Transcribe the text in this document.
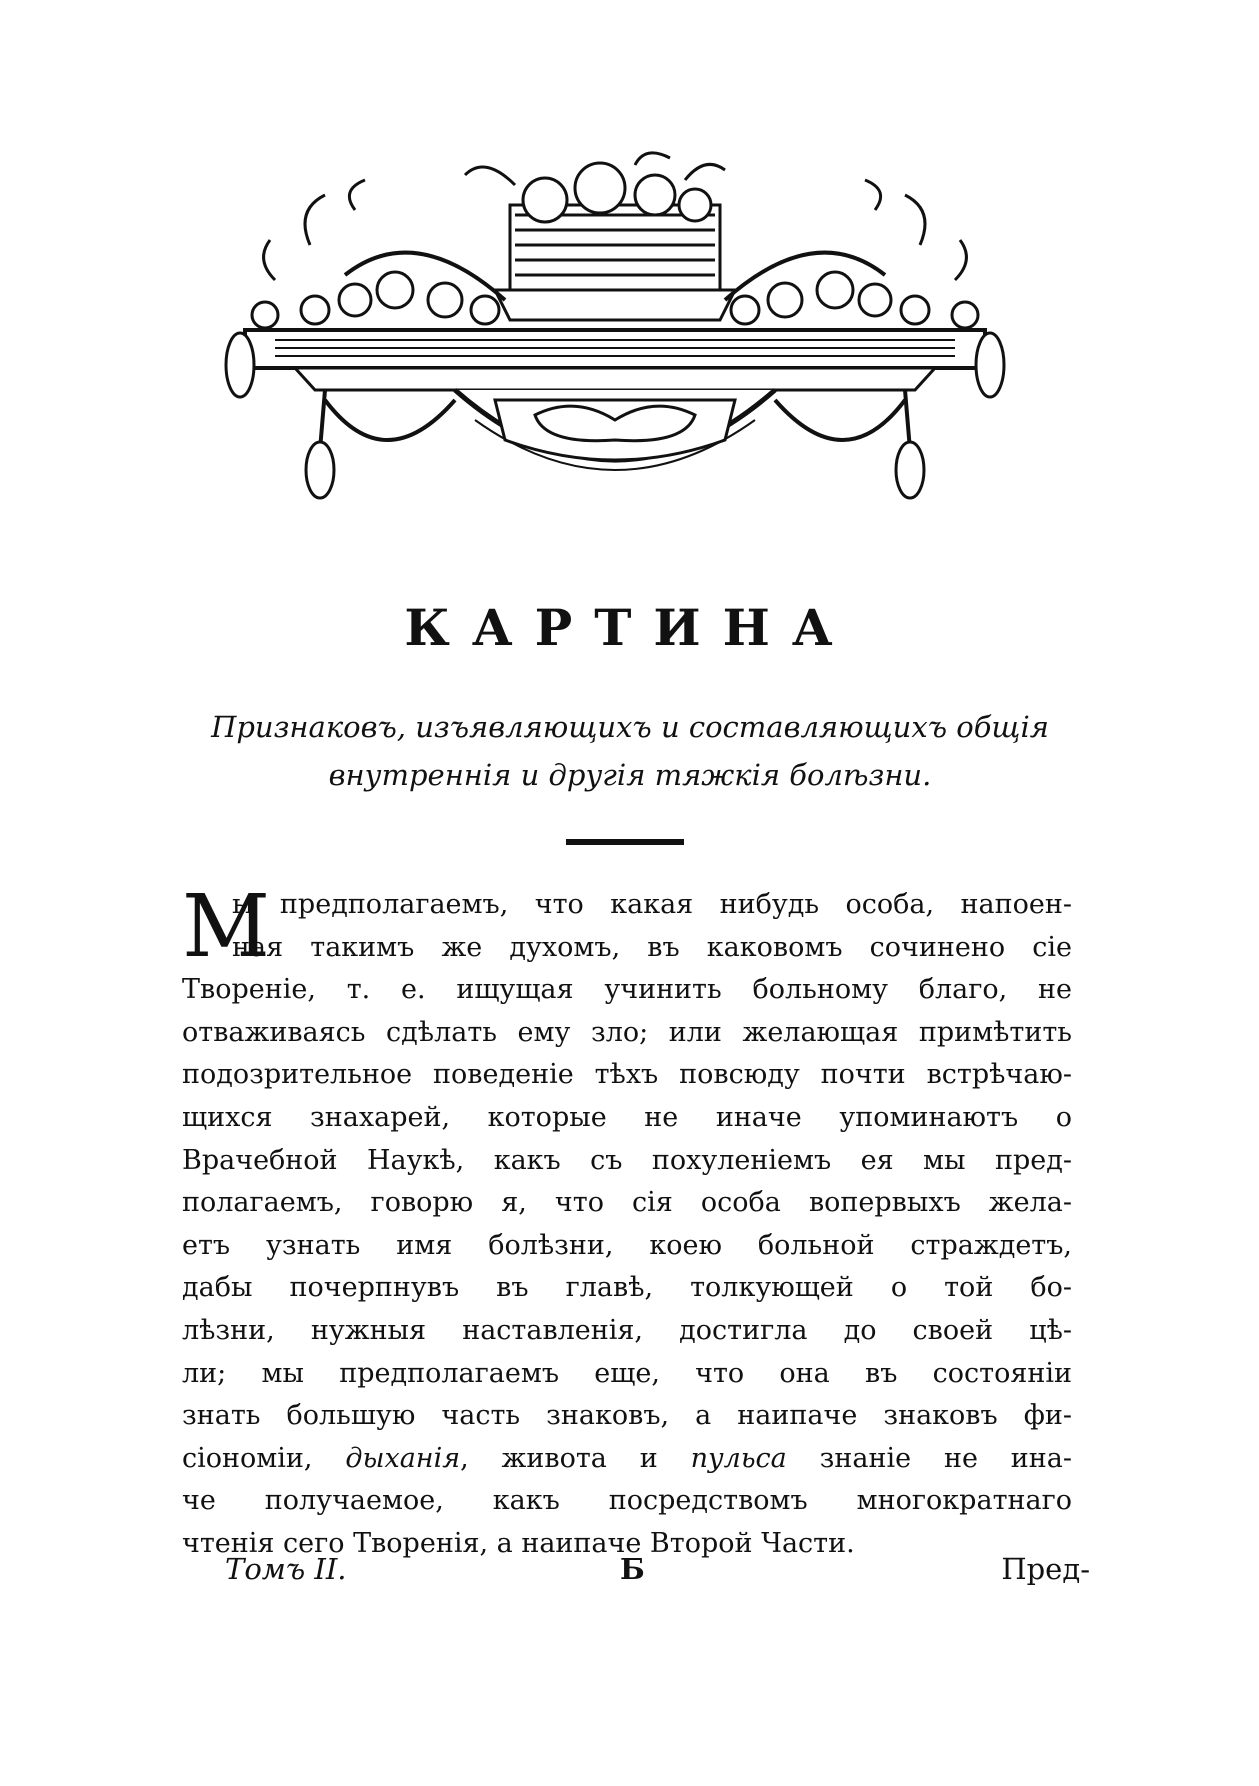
КАРТИНА
Признаковъ, изъявляющихъ и составляющихъ общія
внутреннія и другія тяжкія болѣзни.
М
ы предполагаемъ, что какая нибудь особа, напоен-
ная такимъ же духомъ, въ каковомъ сочинено сіе
Твореніе, т. е. ищущая учинить больному благо, не
отваживаясь сдѣлать ему зло; или желающая примѣтить
подозрительное поведеніе тѣхъ повсюду почти встрѣчаю-
щихся знахарей, которые не иначе упоминаютъ о
Врачебной Наукѣ, какъ съ похуленіемъ ея мы пред-
полагаемъ, говорю я, что сія особа вопервыхъ жела-
етъ узнать имя болѣзни, коею больной страждетъ,
дабы почерпнувъ въ главѣ, толкующей о той бо-
лѣзни, нужныя наставленія, достигла до своей цѣ-
ли; мы предполагаемъ еще, что она въ состояніи
знать большую часть знаковъ, а наипаче знаковъ фи-
сіономіи, дыханія, живота и пульса знаніе не ина-
че получаемое, какъ посредствомъ многократнаго
чтенія сего Творенія, а наипаче Второй Части.
Томъ II.	Б	Пред-
